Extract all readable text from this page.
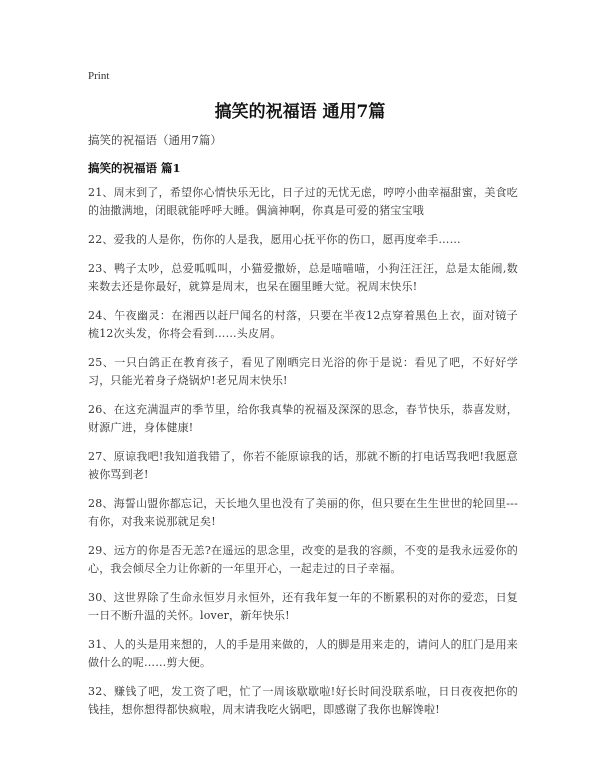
Print
搞笑的祝福语 通用7篇
搞笑的祝福语（通用7篇）
搞笑的祝福语 篇1

21、周末到了，希望你心情快乐无比，日子过的无忧无虑，哼哼小曲幸福甜蜜，美食吃的油撒满地，闭眼就能呼呼大睡。偶滴神啊，你真是可爱的猪宝宝哦

22、爱我的人是你，伤你的人是我，愿用心抚平你的伤口，愿再度牵手……

23、鸭子太吵，总爱呱呱叫，小猫爱撒娇，总是喵喵喵，小狗汪汪汪，总是太能闹,数来数去还是你最好，就算是周末，也呆在圈里睡大觉。祝周末快乐!

24、午夜幽灵：在湘西以赶尸闻名的村落，只要在半夜12点穿着黑色上衣，面对镜子梳12次头发，你将会看到……头皮屑。

25、一只白鸽正在教育孩子，看见了刚晒完日光浴的你于是说：看见了吧，不好好学习，只能光着身子烧锅炉!老兄周末快乐!

26、在这充满温声的季节里，给你我真挚的祝福及深深的思念，春节快乐，恭喜发财，财源广进，身体健康!

27、原谅我吧!我知道我错了，你若不能原谅我的话，那就不断的打电话骂我吧!我愿意被你骂到老!

28、海誓山盟你都忘记，天长地久里也没有了美丽的你，但只要在生生世世的轮回里---有你，对我来说那就足矣!

29、远方的你是否无恙?在遥远的思念里，改变的是我的容颜，不变的是我永远爱你的心，我会倾尽全力让你新的一年里开心，一起走过的日子幸福。

30、这世界除了生命永恒岁月永恒外，还有我年复一年的不断累积的对你的爱恋，日复一日不断升温的关怀。lover，新年快乐!

31、人的头是用来想的，人的手是用来做的，人的脚是用来走的，请问人的肛门是用来做什么的呢……剪大便。

32、赚钱了吧，发工资了吧，忙了一周该歇歇啦!好长时间没联系啦，日日夜夜把你的钱挂，想你想得都快疯啦，周末请我吃火锅吧，即感谢了我你也解馋啦!
